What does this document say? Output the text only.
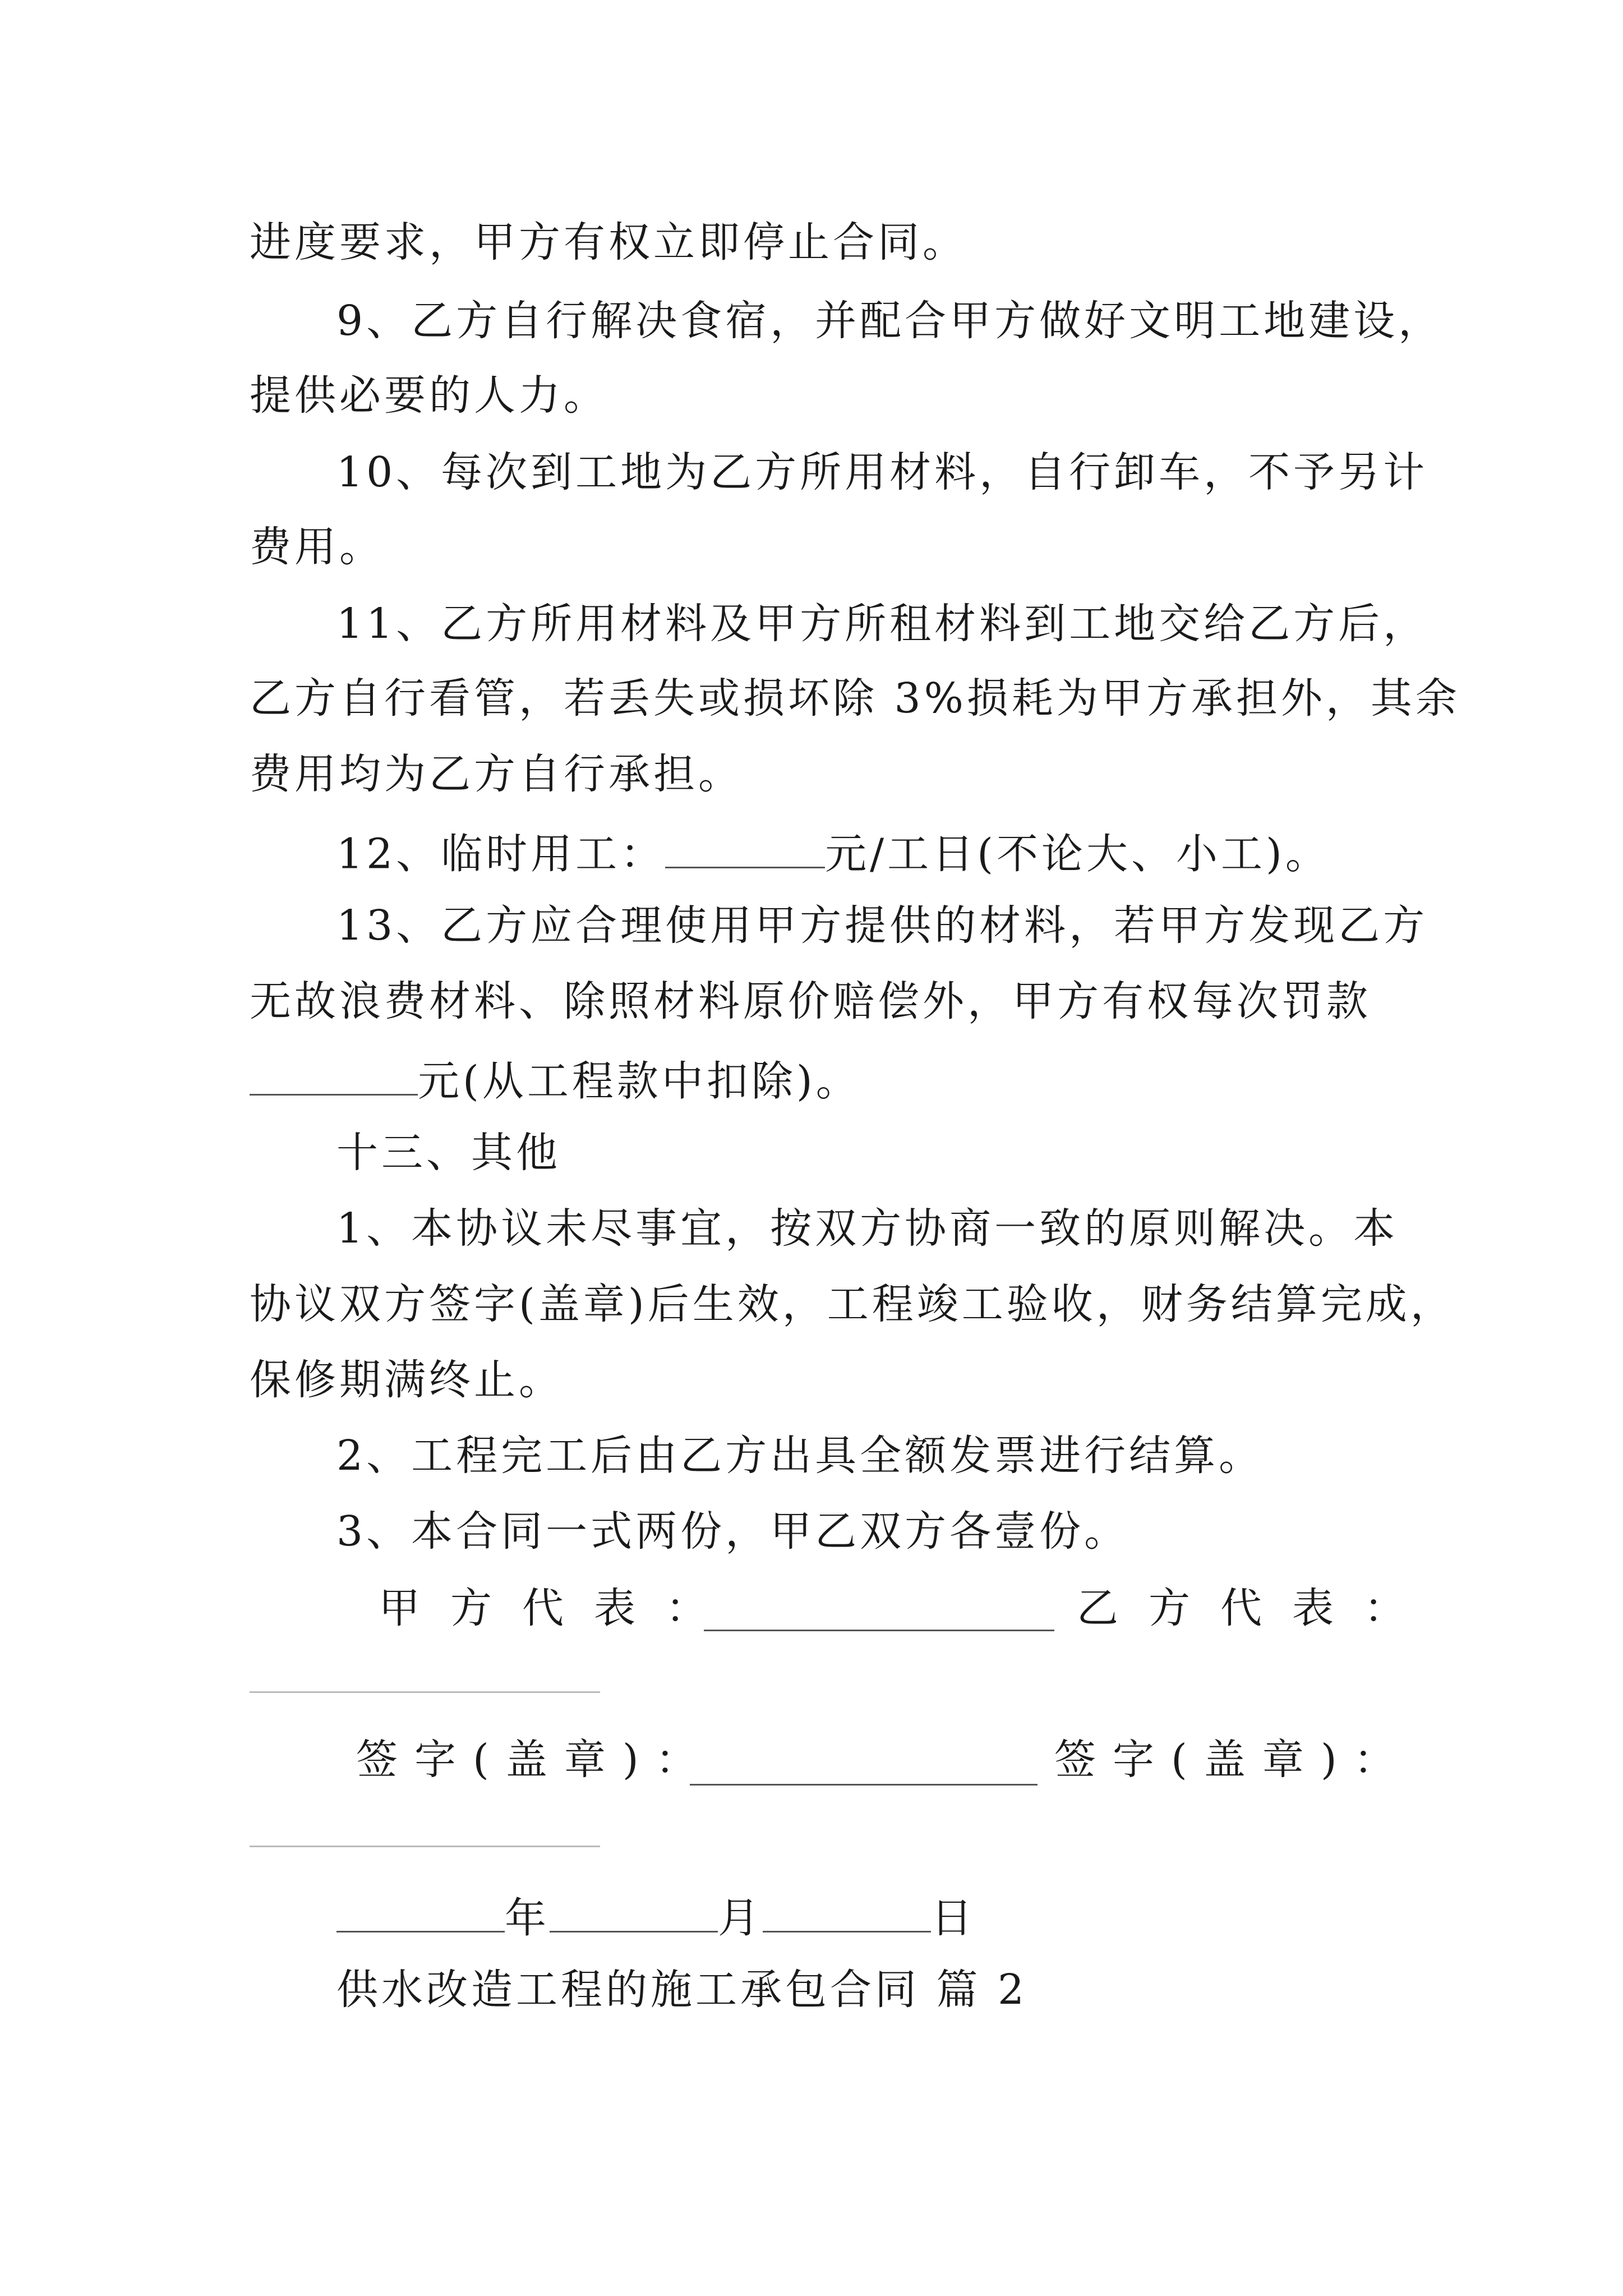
进度要求，甲方有权立即停止合同。
9、乙方自行解决食宿，并配合甲方做好文明工地建设，
提供必要的人力。
10、每次到工地为乙方所用材料，自行卸车，不予另计
费用。
11、乙方所用材料及甲方所租材料到工地交给乙方后，
乙方自行看管，若丢失或损坏除 3%损耗为甲方承担外，其余
费用均为乙方自行承担。
12、临时用工：	元/工日(不论大、小工)。
13、乙方应合理使用甲方提供的材料，若甲方发现乙方
无故浪费材料、除照材料原价赔偿外，甲方有权每次罚款
元(从工程款中扣除)。
十三、其他
1、本协议未尽事宜，按双方协商一致的原则解决。本
协议双方签字(盖章)后生效，工程竣工验收，财务结算完成，
保修期满终止。
2、工程完工后由乙方出具全额发票进行结算。
3、本合同一式两份，甲乙双方各壹份。
甲方代表：	乙方代表：
签字(盖章)：	签字(盖章)：
年	月	日
供水改造工程的施工承包合同 篇 2
